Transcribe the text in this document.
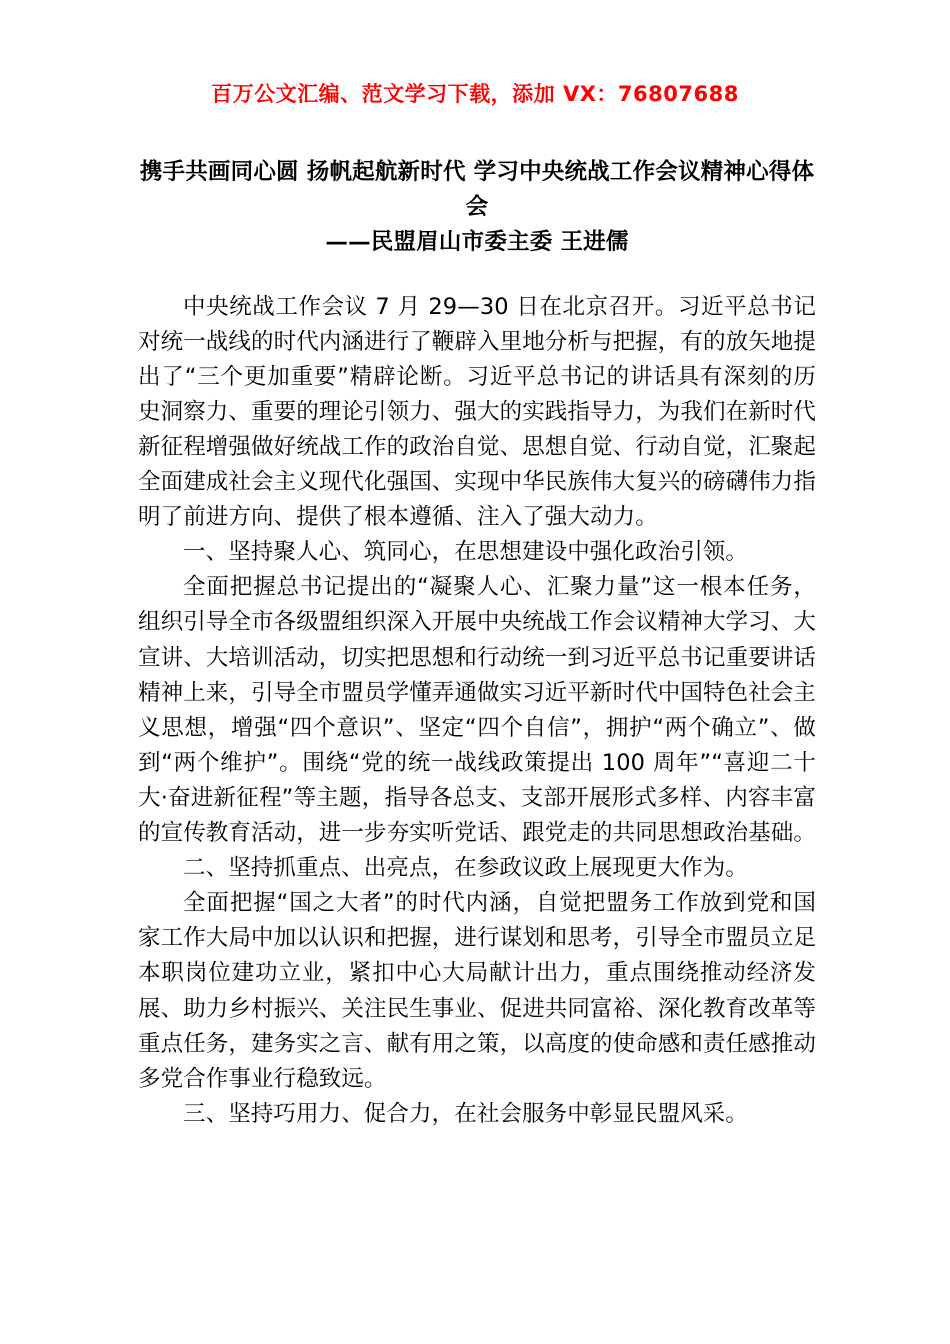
百万公文汇编、范文学习下载，添加 VX：76807688
携手共画同心圆 扬帆起航新时代 学习中央统战工作会议精神心得体会
——民盟眉山市委主委 王进儒

中央统战工作会议 7 月 29—30 日在北京召开。习近平总书记对统一战线的时代内涵进行了鞭辟入里地分析与把握，有的放矢地提出了“三个更加重要”精辟论断。习近平总书记的讲话具有深刻的历史洞察力、重要的理论引领力、强大的实践指导力，为我们在新时代新征程增强做好统战工作的政治自觉、思想自觉、行动自觉，汇聚起全面建成社会主义现代化强国、实现中华民族伟大复兴的磅礴伟力指明了前进方向、提供了根本遵循、注入了强大动力。

一、坚持聚人心、筑同心，在思想建设中强化政治引领。

全面把握总书记提出的“凝聚人心、汇聚力量”这一根本任务，组织引导全市各级盟组织深入开展中央统战工作会议精神大学习、大宣讲、大培训活动，切实把思想和行动统一到习近平总书记重要讲话精神上来，引导全市盟员学懂弄通做实习近平新时代中国特色社会主义思想，增强“四个意识”、坚定“四个自信”，拥护“两个确立”、做到“两个维护”。围绕“党的统一战线政策提出 100 周年”“喜迎二十大·奋进新征程”等主题，指导各总支、支部开展形式多样、内容丰富的宣传教育活动，进一步夯实听党话、跟党走的共同思想政治基础。

二、坚持抓重点、出亮点，在参政议政上展现更大作为。

全面把握“国之大者”的时代内涵，自觉把盟务工作放到党和国家工作大局中加以认识和把握，进行谋划和思考，引导全市盟员立足本职岗位建功立业，紧扣中心大局献计出力，重点围绕推动经济发展、助力乡村振兴、关注民生事业、促进共同富裕、深化教育改革等重点任务，建务实之言、献有用之策，以高度的使命感和责任感推动多党合作事业行稳致远。

三、坚持巧用力、促合力，在社会服务中彰显民盟风采。
